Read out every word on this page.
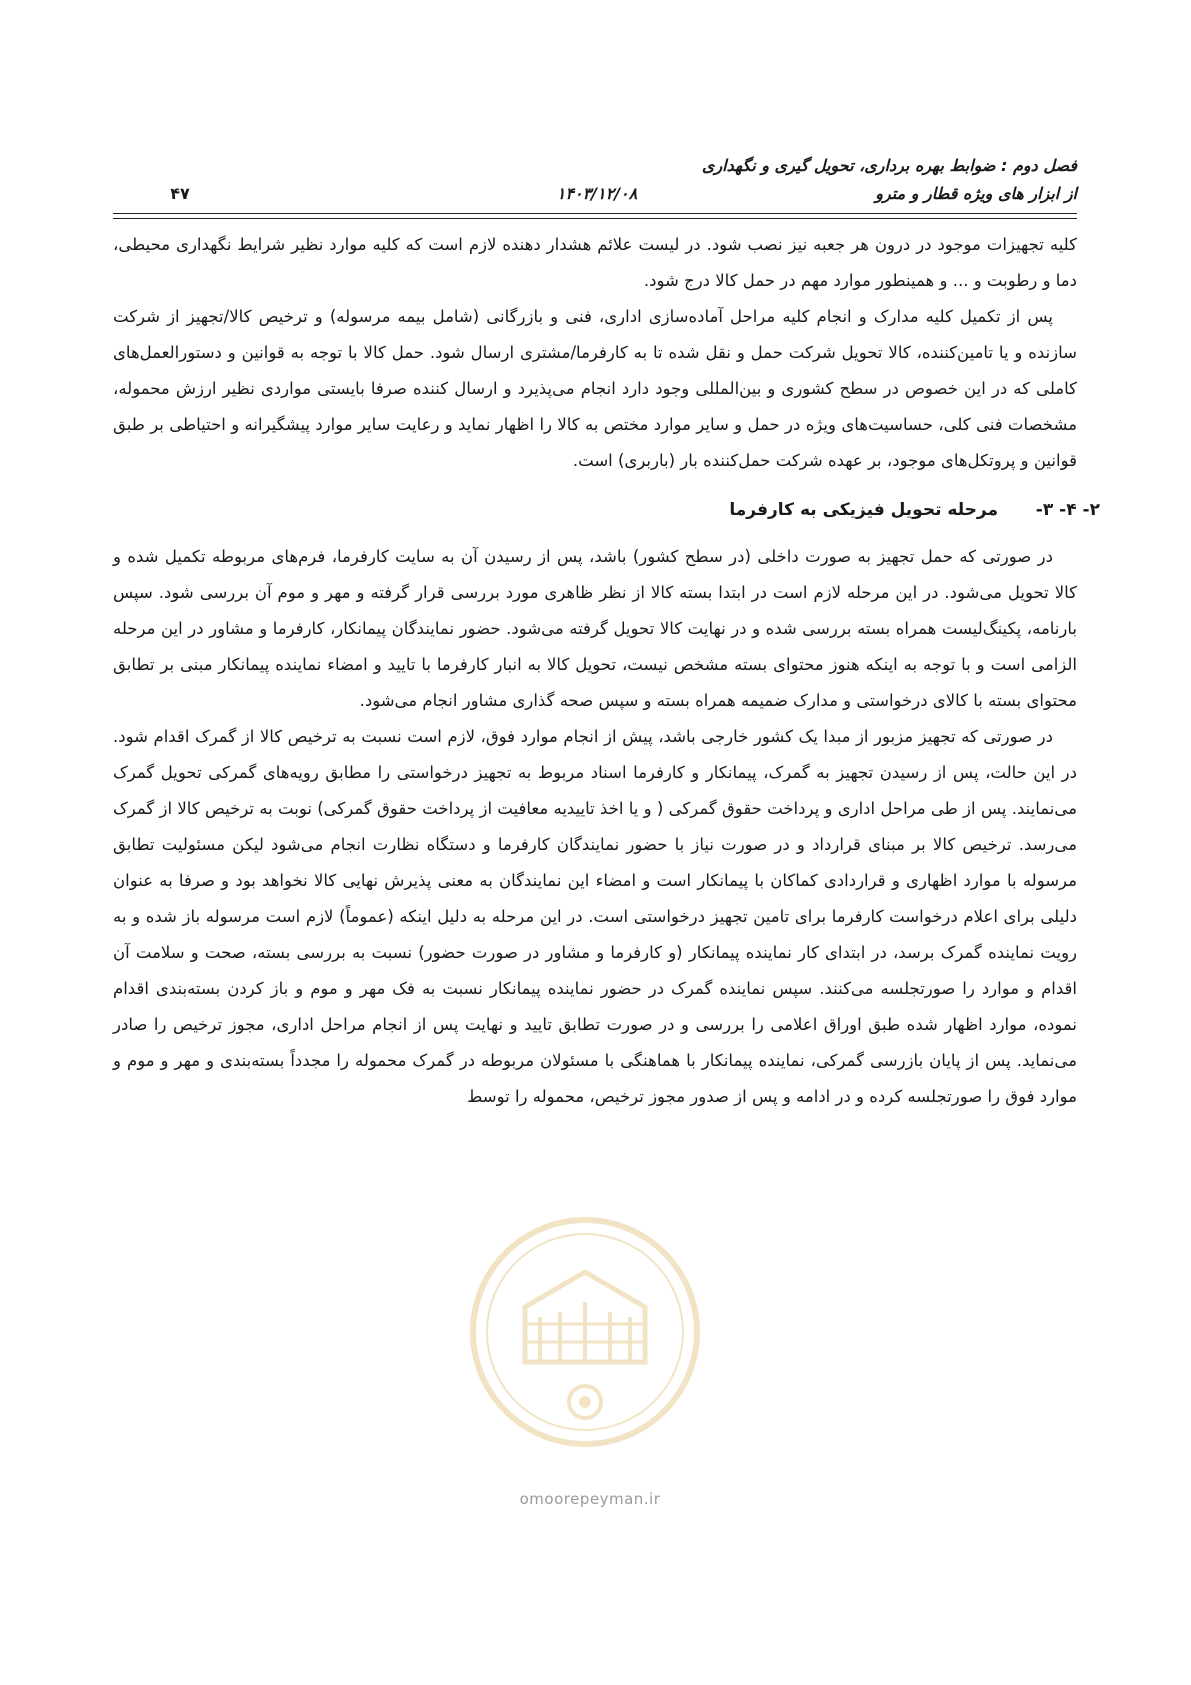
فصل دوم : ضوابط بهره برداری، تحویل گیری و نگهداری
از ابزار های ویژه قطار و مترو
۱۴۰۳/۱۲/۰۸
۴۷

کلیه تجهیزات موجود در درون هر جعبه نیز نصب شود. در لیست علائم هشدار دهنده لازم است که کلیه موارد نظیر شرایط نگهداری محیطی، دما و رطوبت و ... و همینطور موارد مهم در حمل کالا درج شود.

پس از تکمیل کلیه مدارک و انجام کلیه مراحل آماده‌سازی اداری، فنی و بازرگانی (شامل بیمه مرسوله) و ترخیص کالا/تجهیز از شرکت سازنده و یا تامین‌کننده، کالا تحویل شرکت حمل و نقل شده تا به کارفرما/مشتری ارسال شود. حمل کالا با توجه به قوانین و دستورالعمل‌های کاملی که در این خصوص در سطح کشوری و بین‌المللی وجود دارد انجام می‌پذیرد و ارسال کننده صرفا بایستی مواردی نظیر ارزش محموله، مشخصات فنی کلی، حساسیت‌های ویژه در حمل و سایر موارد مختص به کالا را اظهار نماید و رعایت سایر موارد پیشگیرانه و احتیاطی بر طبق قوانین و پروتکل‌های موجود، بر عهده شرکت حمل‌کننده بار (باربری) است.

۲- ۴- ۳-
مرحله تحویل فیزیکی به کارفرما

در صورتی که حمل تجهیز به صورت داخلی (در سطح کشور) باشد، پس از رسیدن آن به سایت کارفرما، فرم‌های مربوطه تکمیل شده و کالا تحویل می‌شود. در این مرحله لازم است در ابتدا بسته کالا از نظر ظاهری مورد بررسی قرار گرفته و مهر و موم آن بررسی شود. سپس بارنامه، پکینگ‌لیست همراه بسته بررسی شده و در نهایت کالا تحویل گرفته می‌شود. حضور نمایندگان پیمانکار، کارفرما و مشاور در این مرحله الزامی است و با توجه به اینکه هنوز محتوای بسته مشخص نیست، تحویل کالا به انبار کارفرما با تایید و امضاء نماینده پیمانکار مبنی بر تطابق محتوای بسته با کالای درخواستی و مدارک ضمیمه همراه بسته و سپس صحه گذاری مشاور انجام می‌شود.

در صورتی که تجهیز مزبور از مبدا یک کشور خارجی باشد، پیش از انجام موارد فوق، لازم است نسبت به ترخیص کالا از گمرک اقدام شود. در این حالت، پس از رسیدن تجهیز به گمرک، پیمانکار و کارفرما اسناد مربوط به تجهیز درخواستی را مطابق رویه‌های گمرکی تحویل گمرک می‌نمایند. پس از طی مراحل اداری و پرداخت حقوق گمرکی ( و یا اخذ تاییدیه معافیت از پرداخت حقوق گمرکی) نوبت به ترخیص کالا از گمرک می‌رسد. ترخیص کالا بر مبنای قرارداد و در صورت نیاز با حضور نمایندگان کارفرما و دستگاه نظارت انجام می‌شود لیکن مسئولیت تطابق مرسوله با موارد اظهاری و قراردادی کماکان با پیمانکار است و امضاء این نمایندگان به معنی پذیرش نهایی کالا نخواهد بود و صرفا به عنوان دلیلی برای اعلام درخواست کارفرما برای تامین تجهیز درخواستی است. در این مرحله به دلیل اینکه (عموماً) لازم است مرسوله باز شده و به رویت نماینده گمرک برسد، در ابتدای کار نماینده پیمانکار (و کارفرما و مشاور در صورت حضور) نسبت به بررسی بسته، صحت و سلامت آن اقدام و موارد را صورتجلسه می‌کنند. سپس نماینده گمرک در حضور نماینده پیمانکار نسبت به فک مهر و موم و باز کردن بسته‌بندی اقدام نموده، موارد اظهار شده طبق اوراق اعلامی را بررسی و در صورت تطابق تایید و نهایت پس از انجام مراحل اداری، مجوز ترخیص را صادر می‌نماید. پس از پایان بازرسی گمرکی، نماینده پیمانکار با هماهنگی با مسئولان مربوطه در گمرک محموله را مجدداً بسته‌بندی و مهر و موم و موارد فوق را صورتجلسه کرده و در ادامه و پس از صدور مجوز ترخیص، محموله را توسط

omoorepeyman.ir
